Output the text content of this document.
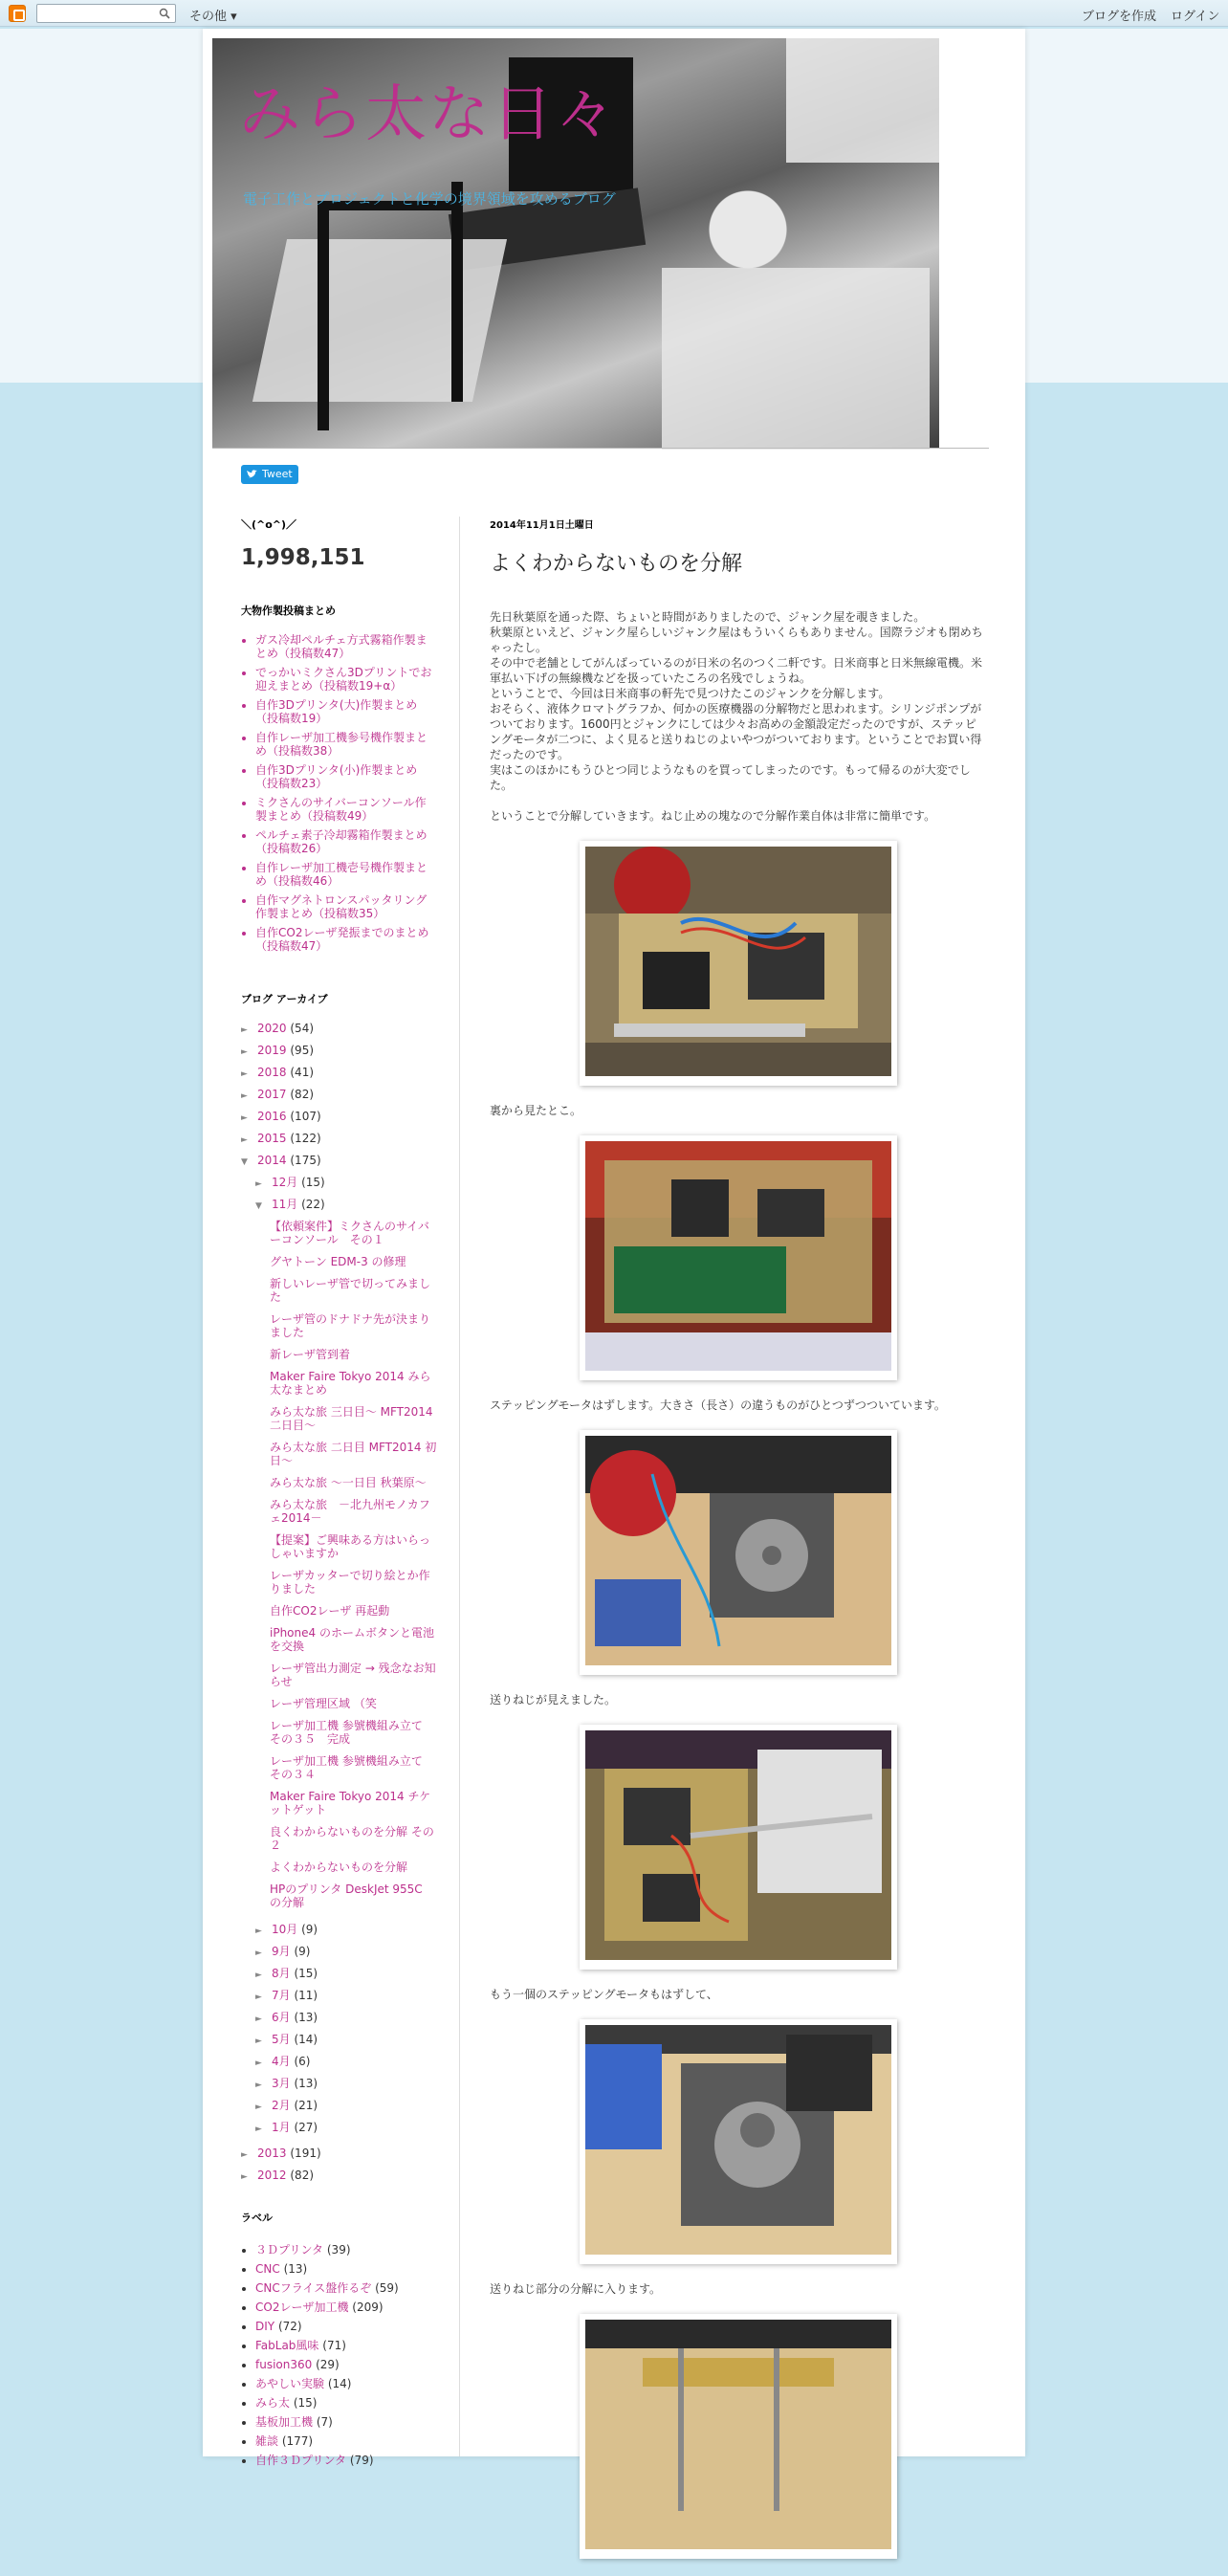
その他 ▾	ブログを作成 ログイン
みら太な日々
電子工作とプロジェクトと化学の境界領域を攻めるブログ
Tweet
＼(^o^)／
1,998,151
大物作製投稿まとめ
• ガス冷却ペルチェ方式霧箱作製まとめ（投稿数47）
• でっかいミクさん3Dプリントでお迎えまとめ（投稿数19+α）
• 自作3Dプリンタ(大)作製まとめ（投稿数19）
• 自作レーザ加工機参号機作製まとめ（投稿数38）
• 自作3Dプリンタ(小)作製まとめ（投稿数23）
• ミクさんのサイバーコンソール作製まとめ（投稿数49）
• ペルチェ素子冷却霧箱作製まとめ（投稿数26）
• 自作レーザ加工機壱号機作製まとめ（投稿数46）
• 自作マグネトロンスパッタリング作製まとめ（投稿数35）
• 自作CO2レーザ発振までのまとめ（投稿数47）
ブログ アーカイブ
► 2020 (54)
► 2019 (95)
► 2018 (41)
► 2017 (82)
► 2016 (107)
► 2015 (122)
▼ 2014 (175)
► 12月 (15)
▼ 11月 (22)
【依頼案件】ミクさんのサイバーコンソール　その１
グヤトーン EDM-3 の修理
新しいレーザ管で切ってみました
レーザ管のドナドナ先が決まりました
新レーザ管到着
Maker Faire Tokyo 2014 みら太なまとめ
みら太な旅 三日目～ MFT2014 二日目～
みら太な旅 二日目 MFT2014 初日～
みら太な旅 〜一日目 秋葉原〜
みら太な旅　－北九州モノカフェ2014－
【提案】ご興味ある方はいらっしゃいますか
レーザカッターで切り絵とか作りました
自作CO2レーザ 再起動
iPhone4 のホームボタンと電池を交換
レーザ管出力測定 → 残念なお知らせ
レーザ管理区域 （笑
レーザ加工機 参號機組み立て その３５　完成
レーザ加工機 参號機組み立て その３４
Maker Faire Tokyo 2014 チケットゲット
良くわからないものを分解 その２
よくわからないものを分解
HPのプリンタ DeskJet 955C の分解
► 10月 (9)
► 9月 (9)
► 8月 (15)
► 7月 (11)
► 6月 (13)
► 5月 (14)
► 4月 (6)
► 3月 (13)
► 2月 (21)
► 1月 (27)
► 2013 (191)
► 2012 (82)
ラベル
• ３Ｄプリンタ (39)
• CNC (13)
• CNCフライス盤作るぞ (59)
• CO2レーザ加工機 (209)
• DIY (72)
• FabLab風味 (71)
• fusion360 (29)
• あやしい実験 (14)
• みら太 (15)
• 基板加工機 (7)
• 雑談 (177)
• 自作３Ｄプリンタ (79)
2014年11月1日土曜日
よくわからないものを分解

先日秋葉原を通った際、ちょいと時間がありましたので、ジャンク屋を覗きました。
秋葉原といえど、ジャンク屋らしいジャンク屋はもういくらもありません。国際ラジオも閉めちゃったし。
その中で老舗としてがんばっているのが日米の名のつく二軒です。日米商事と日米無線電機。米軍払い下げの無線機などを扱っていたころの名残でしょうね。
ということで、今回は日米商事の軒先で見つけたこのジャンクを分解します。
おそらく、液体クロマトグラフか、何かの医療機器の分解物だと思われます。シリンジポンプがついております。1600円とジャンクにしては少々お高めの金額設定だったのですが、ステッピングモータが二つに、よく見ると送りねじのよいやつがついております。ということでお買い得だったのです。
実はこのほかにもうひとつ同じようなものを買ってしまったのです。もって帰るのが大変でした。

ということで分解していきます。ねじ止めの塊なので分解作業自体は非常に簡単です。

裏から見たとこ。
ステッピングモータはずします。大きさ（長さ）の違うものがひとつずつついています。
送りねじが見えました。
もう一個のステッピングモータもはずして、
送りねじ部分の分解に入ります。
